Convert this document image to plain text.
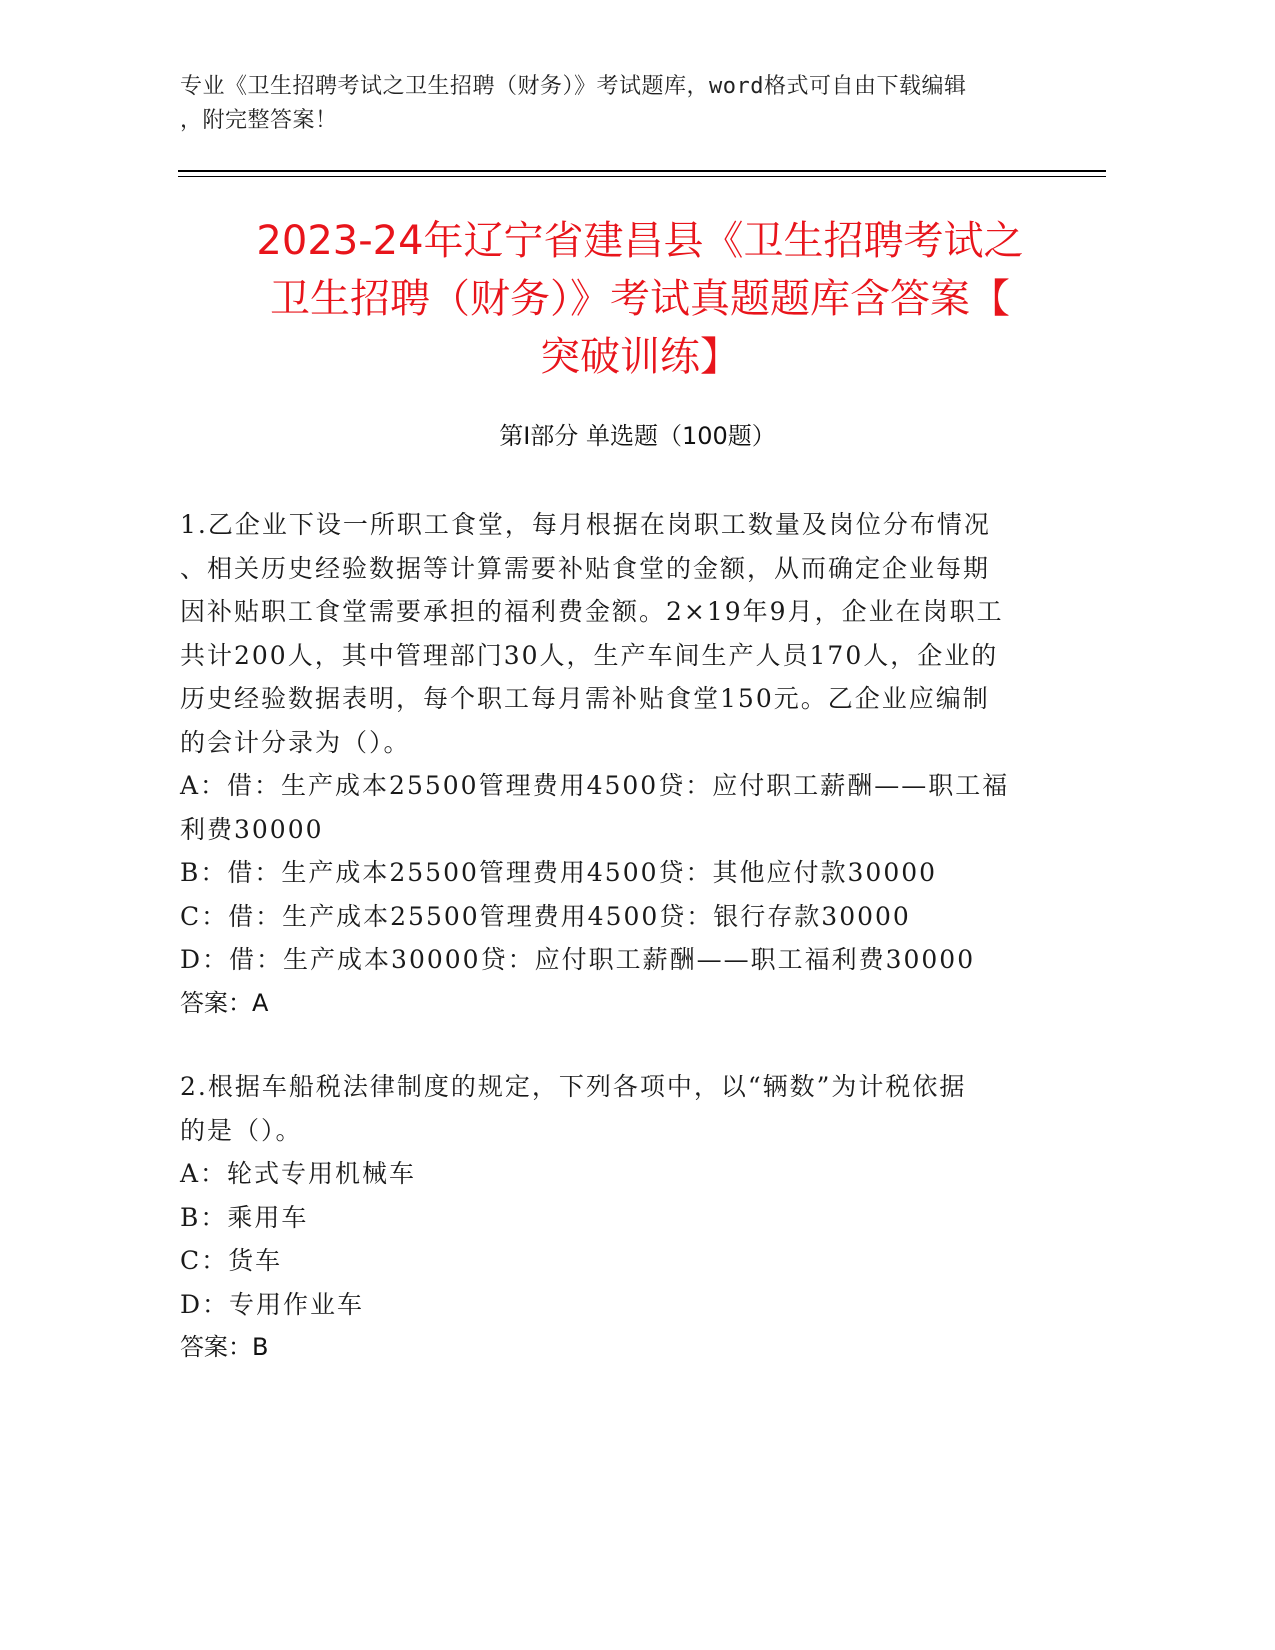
专业《卫生招聘考试之卫生招聘（财务）》考试题库，word格式可自由下载编辑
，附完整答案！
2023-24年辽宁省建昌县《卫生招聘考试之
卫生招聘（财务）》考试真题题库含答案【
突破训练】
第Ⅰ部分 单选题（100题）

1.乙企业下设一所职工食堂，每月根据在岗职工数量及岗位分布情况

、相关历史经验数据等计算需要补贴食堂的金额，从而确定企业每期

因补贴职工食堂需要承担的福利费金额。2×19年9月，企业在岗职工

共计200人，其中管理部门30人，生产车间生产人员170人，企业的

历史经验数据表明，每个职工每月需补贴食堂150元。乙企业应编制

的会计分录为（）。

A：借：生产成本25500管理费用4500贷：应付职工薪酬——职工福

利费30000

B：借：生产成本25500管理费用4500贷：其他应付款30000

C：借：生产成本25500管理费用4500贷：银行存款30000

D：借：生产成本30000贷：应付职工薪酬——职工福利费30000

答案：A

2.根据车船税法律制度的规定，下列各项中，以“辆数”为计税依据

的是（）。

A：轮式专用机械车

B：乘用车

C：货车

D：专用作业车

答案：B
